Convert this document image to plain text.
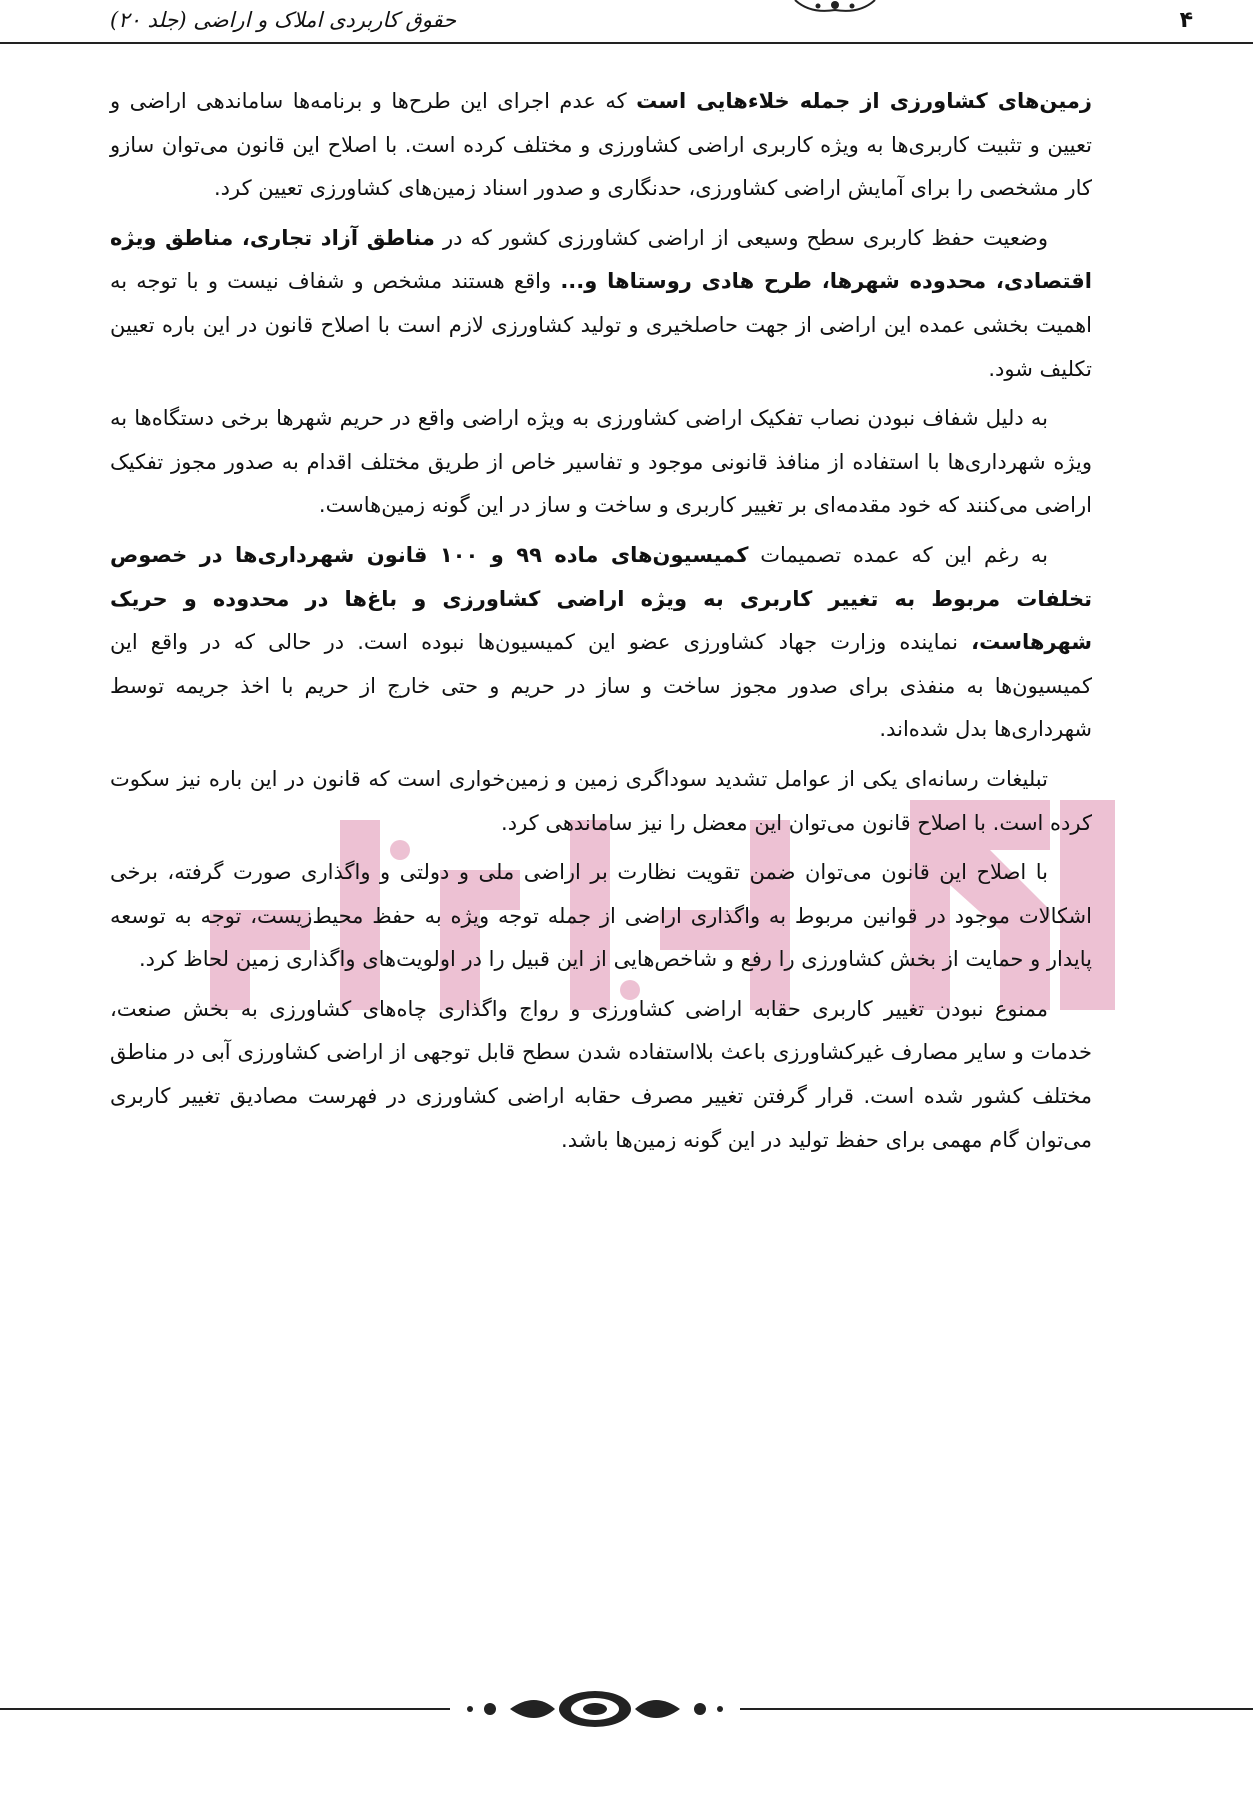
۴
حقوق کاربردی املاک و اراضی (جلد ۲۰)

زمین‌های کشاورزی از جمله خلاءهایی است که عدم اجرای این طرح‌ها و برنامه‌ها ساماندهی اراضی و تعیین و تثبیت کاربری‌ها به ویژه کاربری اراضی کشاورزی و مختلف کرده است. با اصلاح این قانون می‌توان سازو کار مشخصی را برای آمایش اراضی کشاورزی، حدنگاری و صدور اسناد زمین‌های کشاورزی تعیین کرد.

وضعیت حفظ کاربری سطح وسیعی از اراضی کشاورزی کشور که در مناطق آزاد تجاری، مناطق ویژه اقتصادی، محدوده شهرها، طرح هادی روستاها و... واقع هستند مشخص و شفاف نیست و با توجه به اهمیت بخشی عمده این اراضی از جهت حاصلخیری و تولید کشاورزی لازم است با اصلاح قانون در این باره تعیین تکلیف شود.

به دلیل شفاف نبودن نصاب تفکیک اراضی کشاورزی به ویژه اراضی واقع در حریم شهرها برخی دستگاه‌ها به ویژه شهرداری‌ها با استفاده از منافذ قانونی موجود و تفاسیر خاص از طریق مختلف اقدام به صدور مجوز تفکیک اراضی می‌کنند که خود مقدمه‌ای بر تغییر کاربری و ساخت و ساز در این گونه زمین‌هاست.

به رغم این که عمده تصمیمات کمیسیون‌های ماده ۹۹ و ۱۰۰ قانون شهرداری‌ها در خصوص تخلفات مربوط به تغییر کاربری به ویژه اراضی کشاورزی و باغ‌ها در محدوده و حریک شهرهاست، نماینده وزارت جهاد کشاورزی عضو این کمیسیون‌ها نبوده است. در حالی که در واقع این کمیسیون‌ها به منفذی برای صدور مجوز ساخت و ساز در حریم و حتی خارج از حریم با اخذ جریمه توسط شهرداری‌ها بدل شده‌اند.

تبلیغات رسانه‌ای یکی از عوامل تشدید سوداگری زمین و زمین‌خواری است که قانون در این باره نیز سکوت کرده است. با اصلاح قانون می‌توان این معضل را نیز ساماندهی کرد.

با اصلاح این قانون می‌توان ضمن تقویت نظارت بر اراضی ملی و دولتی و واگذاری صورت گرفته، برخی اشکالات موجود در قوانین مربوط به واگذاری اراضی از جمله توجه ویژه به حفظ محیط‌زیست، توجه به توسعه پایدار و حمایت از بخش کشاورزی را رفع و شاخص‌هایی از این قبیل را در اولویت‌های واگذاری زمین لحاظ کرد.

ممنوع نبودن تغییر کاربری حقابه اراضی کشاورزی و رواج واگذاری چاه‌های کشاورزی به بخش صنعت، خدمات و سایر مصارف غیرکشاورزی باعث بلااستفاده شدن سطح قابل توجهی از اراضی کشاورزی آبی در مناطق مختلف کشور شده است. قرار گرفتن تغییر مصرف حقابه اراضی کشاورزی در فهرست مصادیق تغییر کاربری می‌توان گام مهمی برای حفظ تولید در این گونه زمین‌ها باشد.
